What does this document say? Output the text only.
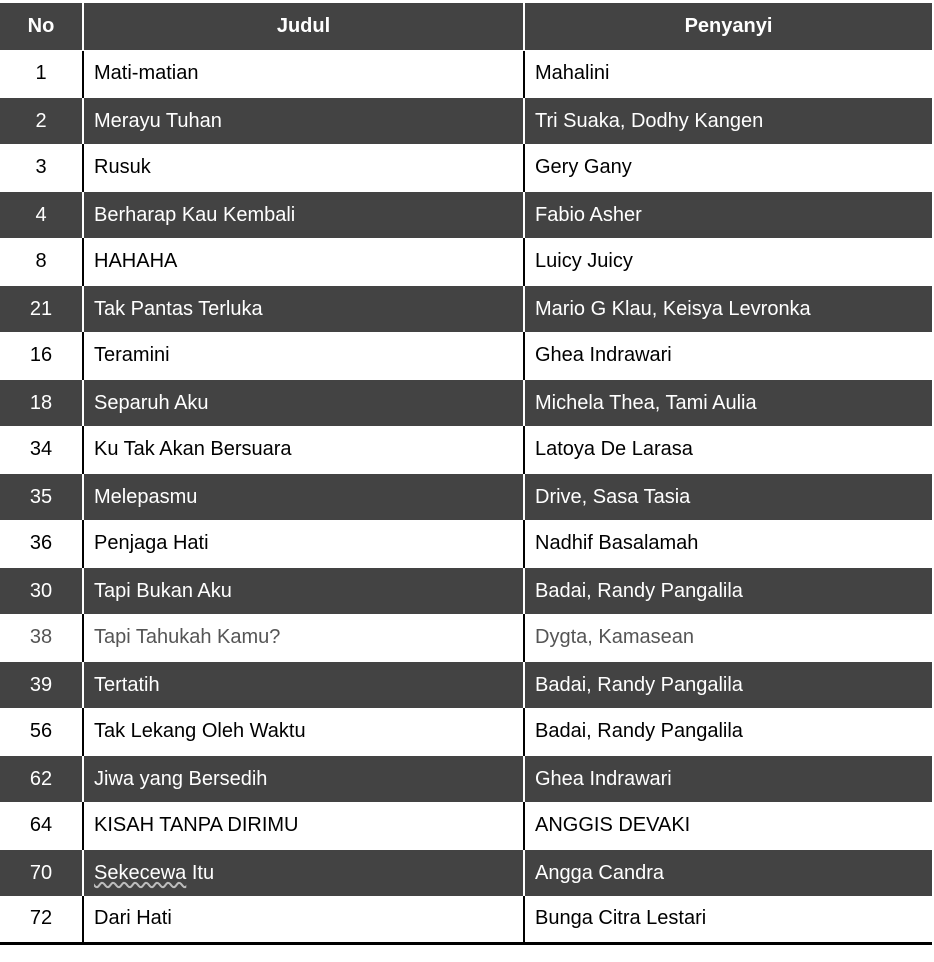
No	Judul	Penyanyi
1	Mati-matian	Mahalini
2	Merayu Tuhan	Tri Suaka, Dodhy Kangen
3	Rusuk	Gery Gany
4	Berharap Kau Kembali	Fabio Asher
8	HAHAHA	Luicy Juicy
21	Tak Pantas Terluka	Mario G Klau, Keisya Levronka
16	Teramini	Ghea Indrawari
18	Separuh Aku	Michela Thea, Tami Aulia
34	Ku Tak Akan Bersuara	Latoya De Larasa
35	Melepasmu	Drive, Sasa Tasia
36	Penjaga Hati	Nadhif Basalamah
30	Tapi Bukan Aku	Badai, Randy Pangalila
38	Tapi Tahukah Kamu?	Dygta, Kamasean
39	Tertatih	Badai, Randy Pangalila
56	Tak Lekang Oleh Waktu	Badai, Randy Pangalila
62	Jiwa yang Bersedih	Ghea Indrawari
64	KISAH TANPA DIRIMU	ANGGIS DEVAKI
70	Sekecewa Itu	Angga Candra
72	Dari Hati	Bunga Citra Lestari
